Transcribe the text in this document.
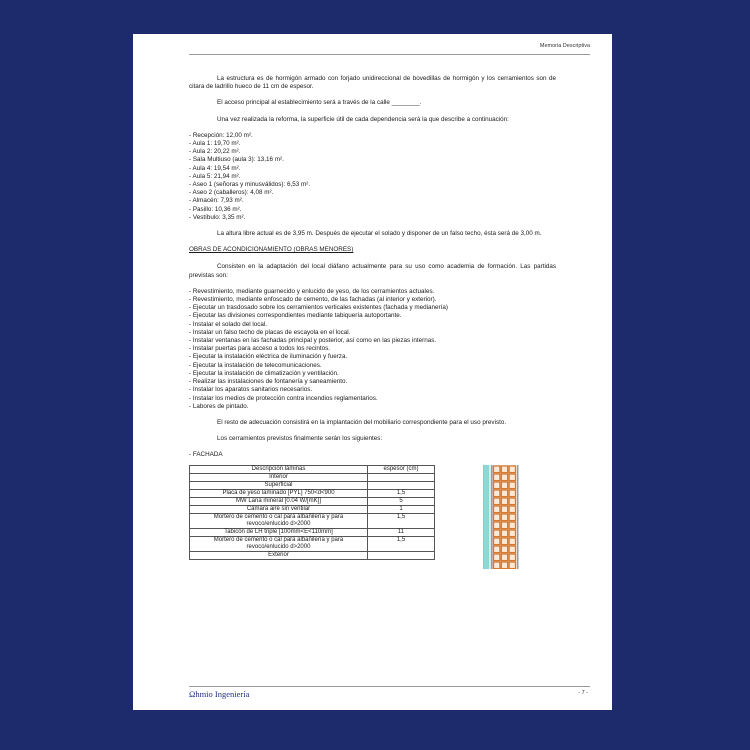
Memoria Descriptiva

La estructura es de hormigón armado con forjado unidireccional de bovedillas de hormigón y los cerramientos son de citara de ladrillo hueco de 11 cm de espesor.

El acceso principal al establecimiento será a través de la calle ________.

Una vez realizada la reforma, la superficie útil de cada dependencia será la que describe a continuación:

- Recepción: 12,00 m².
- Aula 1: 19,70 m².
- Aula 2: 20,22 m².
- Sala Multiuso (aula 3): 13,16 m².
- Aula 4: 19,54 m².
- Aula 5: 21,94 m².
- Aseo 1 (señoras y minusválidos): 6,53 m².
- Aseo 2 (caballeros): 4,08 m².
- Almacén: 7,93 m².
- Pasillo: 10,36 m².
- Vestíbulo: 3,35 m².

La altura libre actual es de 3,95 m. Después de ejecutar el solado y disponer de un falso techo, ésta será de 3,00 m.

OBRAS DE ACONDICIONAMIENTO (OBRAS MENORES)

Consisten en la adaptación del local diáfano actualmente para su uso como academia de formación. Las partidas previstas son:

- Revestimiento, mediante guarnecido y enlucido de yeso, de los cerramientos actuales.
- Revestimiento, mediante enfoscado de cemento, de las fachadas (al interior y exterior).
- Ejecutar un trasdosado sobre los cerramientos verticales existentes (fachada y medianería)
- Ejecutar las divisiones correspondientes mediante tabiquería autoportante.
- Instalar el solado del local.
- Instalar un falso techo de placas de escayola en el local.
- Instalar ventanas en las fachadas principal y posterior, así como en las piezas internas.
- Instalar puertas para acceso a todos los recintos.
- Ejecutar la instalación eléctrica de iluminación y fuerza.
- Ejecutar la instalación de telecomunicaciones.
- Ejecutar la instalación de climatización y ventilación.
- Realizar las instalaciones de fontanería y saneamiento.
- Instalar los aparatos sanitarios necesarios.
- Instalar los medios de protección contra incendios reglamentarios.
- Labores de pintado.

El resto de adecuación consistirá en la implantación del mobiliario correspondiente para el uso previsto.

Los cerramientos previstos finalmente serán los siguientes:

- FACHADA
Descripción láminas	espesor (cm)
Interior	
Superficial	
Placa de yeso laminado [PYL] 750<d<900	1,5
MW Lana mineral [0.04 W/[mK]]	5
Cámara aire sin ventilar	1
Mortero de cemento o cal para albañilería y para revoco/enlucido d>2000	1,5
Tabicón de LH triple [100mm<E<110mm]	11
Mortero de cemento o cal para albañilería y para revoco/enlucido d>2000	1,5
Exterior	
Ωhmio Ingeniería	- 7 -
